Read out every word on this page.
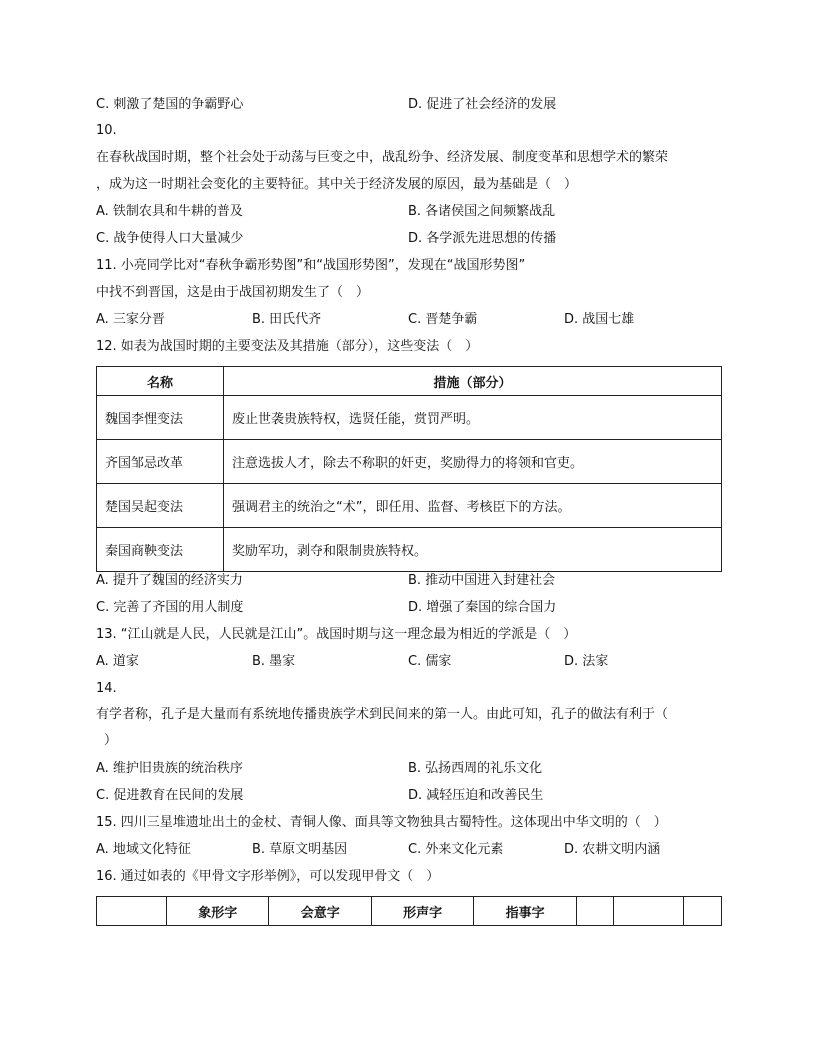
C. 刺激了楚国的争霸野心	D. 促进了社会经济的发展
10.
在春秋战国时期，整个社会处于动荡与巨变之中，战乱纷争、经济发展、制度变革和思想学术的繁荣
，成为这一时期社会变化的主要特征。其中关于经济发展的原因，最为基础是（　）
A. 铁制农具和牛耕的普及	B. 各诸侯国之间频繁战乱
C. 战争使得人口大量减少	D. 各学派先进思想的传播
11. 小亮同学比对“春秋争霸形势图”和“战国形势图”，发现在“战国形势图”
中找不到晋国，这是由于战国初期发生了（　）
A. 三家分晋	B. 田氏代齐	C. 晋楚争霸	D. 战国七雄
12. 如表为战国时期的主要变法及其措施（部分），这些变法（　）
名称	措施（部分）
魏国李悝变法	废止世袭贵族特权，选贤任能，赏罚严明。
齐国邹忌改革	注意选拔人才，除去不称职的奸吏，奖励得力的将领和官吏。
楚国吴起变法	强调君主的统治之“术”，即任用、监督、考核臣下的方法。
秦国商鞅变法	奖励军功，剥夺和限制贵族特权。
A. 提升了魏国的经济实力	B. 推动中国进入封建社会
C. 完善了齐国的用人制度	D. 增强了秦国的综合国力
13. “江山就是人民，人民就是江山”。战国时期与这一理念最为相近的学派是（　）
A. 道家	B. 墨家	C. 儒家	D. 法家
14.
有学者称，孔子是大量而有系统地传播贵族学术到民间来的第一人。由此可知，孔子的做法有利于（
）
A. 维护旧贵族的统治秩序	B. 弘扬西周的礼乐文化
C. 促进教育在民间的发展	D. 减轻压迫和改善民生
15. 四川三星堆遗址出土的金杖、青铜人像、面具等文物独具古蜀特性。这体现出中华文明的（　）
A. 地域文化特征	B. 草原文明基因	C. 外来文化元素	D. 农耕文明内涵
16. 通过如表的《甲骨文字形举例》，可以发现甲骨文（　）
	象形字	会意字	形声字	指事字			
